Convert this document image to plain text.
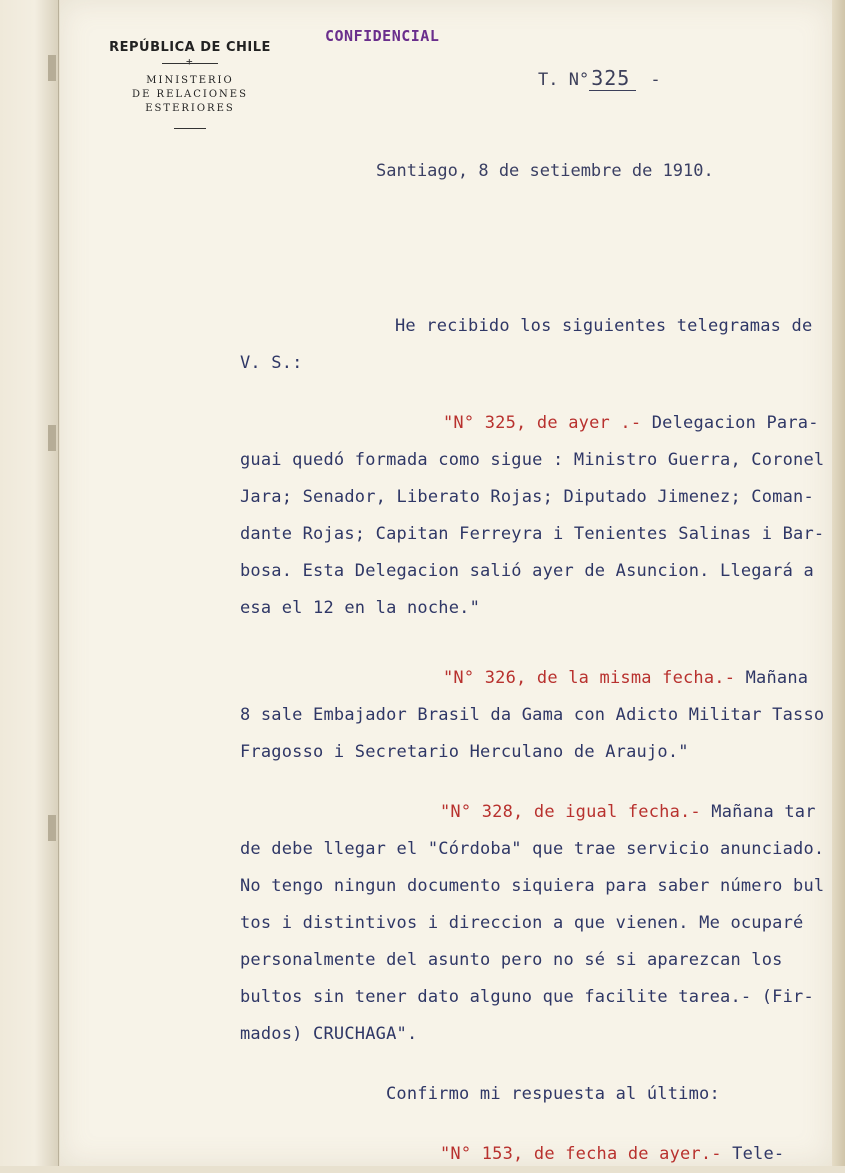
REPÚBLICA DE CHILE
+
MINISTERIO
DE RELACIONES ESTERIORES
CONFIDENCIAL
T. N° 325 -
Santiago, 8 de setiembre de 1910.
He recibido los siguientes telegramas de
V. S.:
"N° 325, de ayer .- Delegacion Para-
guai quedó formada como sigue : Ministro Guerra, Coronel
Jara; Senador, Liberato Rojas; Diputado Jimenez; Coman-
dante Rojas; Capitan Ferreyra i Tenientes Salinas i Bar-
bosa. Esta Delegacion salió ayer de Asuncion. Llegará a
esa el 12 en la noche."
"N° 326, de la misma fecha.- Mañana
8 sale Embajador Brasil da Gama con Adicto Militar Tasso
Fragosso i Secretario Herculano de Araujo."
"N° 328, de igual fecha.- Mañana tar
de debe llegar el "Córdoba" que trae servicio anunciado.
No tengo ningun documento siquiera para saber número bul
tos i distintivos i direccion a que vienen. Me ocuparé
personalmente del asunto pero no sé si aparezcan los
bultos sin tener dato alguno que facilite tarea.- (Fir-
mados) CRUCHAGA".
Confirmo mi respuesta al último:
"N° 153, de fecha de ayer.- Tele-
